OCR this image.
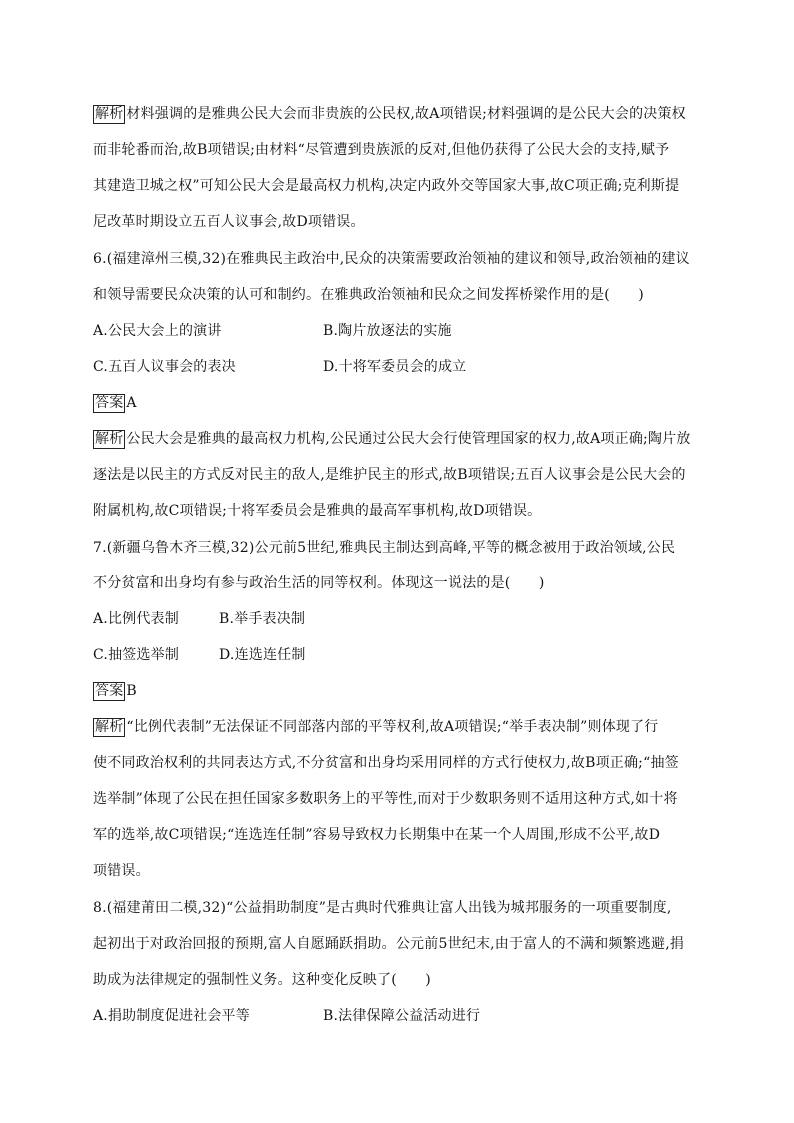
解析 材料强调的是雅典公民大会而非贵族的公民权,故A项错误;材料强调的是公民大会的决策权
而非轮番而治,故B项错误;由材料“尽管遭到贵族派的反对,但他仍获得了公民大会的支持,赋予
其建造卫城之权”可知公民大会是最高权力机构,决定内政外交等国家大事,故C项正确;克利斯提
尼改革时期设立五百人议事会,故D项错误。
6.(福建漳州三模,32)在雅典民主政治中,民众的决策需要政治领袖的建议和领导,政治领袖的建议
和领导需要民众决策的认可和制约。在雅典政治领袖和民众之间发挥桥梁作用的是(　　)
A.公民大会上的演讲	B.陶片放逐法的实施
C.五百人议事会的表决	D.十将军委员会的成立
答案 A
解析 公民大会是雅典的最高权力机构,公民通过公民大会行使管理国家的权力,故A项正确;陶片放
逐法是以民主的方式反对民主的敌人,是维护民主的形式,故B项错误;五百人议事会是公民大会的
附属机构,故C项错误;十将军委员会是雅典的最高军事机构,故D项错误。
7.(新疆乌鲁木齐三模,32)公元前5世纪,雅典民主制达到高峰,平等的概念被用于政治领域,公民
不分贫富和出身均有参与政治生活的同等权利。体现这一说法的是(　　)
A.比例代表制	B.举手表决制
C.抽签选举制	D.连选连任制
答案 B
解析 “比例代表制”无法保证不同部落内部的平等权利,故A项错误;“举手表决制”则体现了行
使不同政治权利的共同表达方式,不分贫富和出身均采用同样的方式行使权力,故B项正确;“抽签
选举制”体现了公民在担任国家多数职务上的平等性,而对于少数职务则不适用这种方式,如十将
军的选举,故C项错误;“连选连任制”容易导致权力长期集中在某一个人周围,形成不公平,故D
项错误。
8.(福建莆田二模,32)“公益捐助制度”是古典时代雅典让富人出钱为城邦服务的一项重要制度,
起初出于对政治回报的预期,富人自愿踊跃捐助。公元前5世纪末,由于富人的不满和频繁逃避,捐
助成为法律规定的强制性义务。这种变化反映了(　　)
A.捐助制度促进社会平等	B.法律保障公益活动进行
